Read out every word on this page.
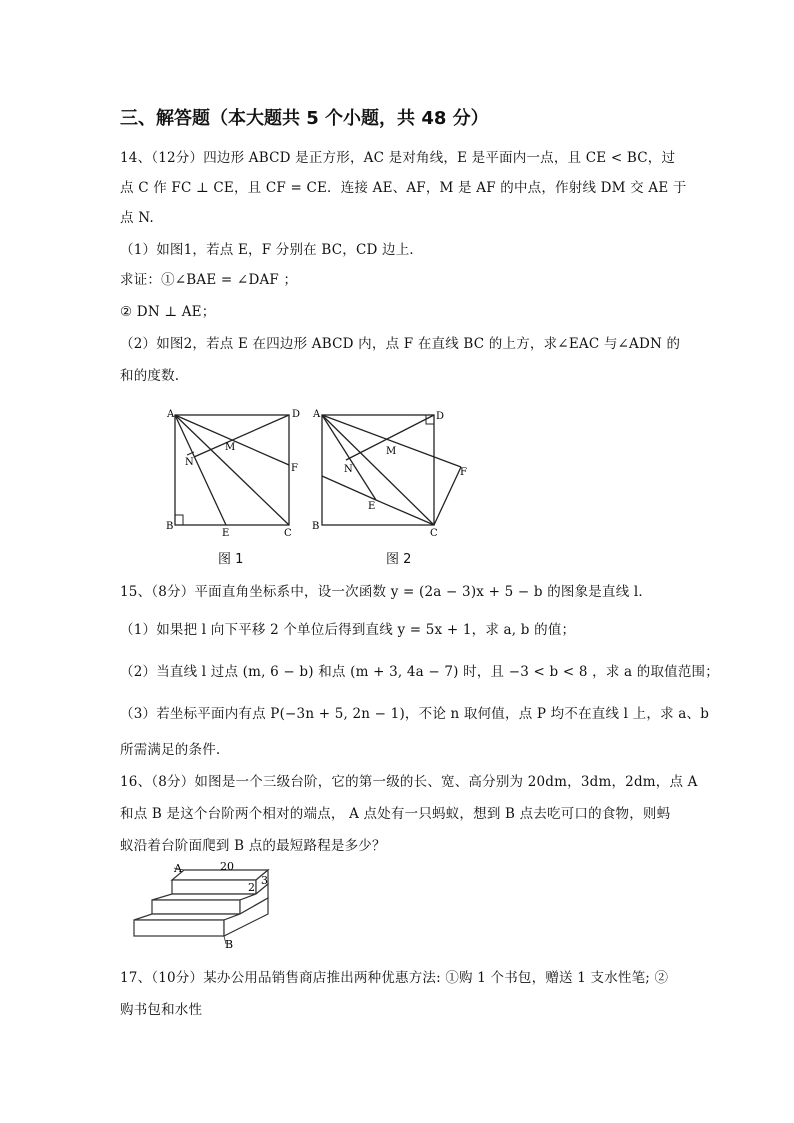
三、解答题（本大题共 5 个小题，共 48 分）
14、（12分）四边形 ABCD 是正方形，AC 是对角线，E 是平面内一点，且 CE < BC，过
点 C 作 FC ⊥ CE，且 CF = CE．连接 AE、AF，M 是 AF 的中点，作射线 DM 交 AE 于
点 N.
（1）如图1，若点 E，F 分别在 BC，CD 边上．
求证：①∠BAE = ∠DAF ；
② DN ⊥ AE；
（2）如图2，若点 E 在四边形 ABCD 内，点 F 在直线 BC 的上方，求∠EAC 与∠ADN 的
和的度数.
A	D
B
C
E
F
M
N
图 1
A	D
B
C
E
F
M
N
图 2
15、（8分）平面直角坐标系中，设一次函数 y = (2a − 3)x + 5 − b 的图象是直线 l．
（1）如果把 l 向下平移 2 个单位后得到直线 y = 5x + 1，求 a, b 的值；
（2）当直线 l 过点 (m, 6 − b) 和点 (m + 3, 4a − 7) 时，且 −3 < b < 8 ，求 a 的取值范围；
（3）若坐标平面内有点 P(−3n + 5, 2n − 1)，不论 n 取何值，点 P 均不在直线 l 上，求 a、b
所需满足的条件.
16、（8分）如图是一个三级台阶，它的第一级的长、宽、高分别为 20dm，3dm，2dm，点 A
和点 B 是这个台阶两个相对的端点， A 点处有一只蚂蚁，想到 B 点去吃可口的食物，则蚂
蚁沿着台阶面爬到 B 点的最短路程是多少？
A
B
20
2
3
17、（10分）某办公用品销售商店推出两种优惠方法: ①购 1 个书包，赠送 1 支水性笔; ②
购书包和水性
